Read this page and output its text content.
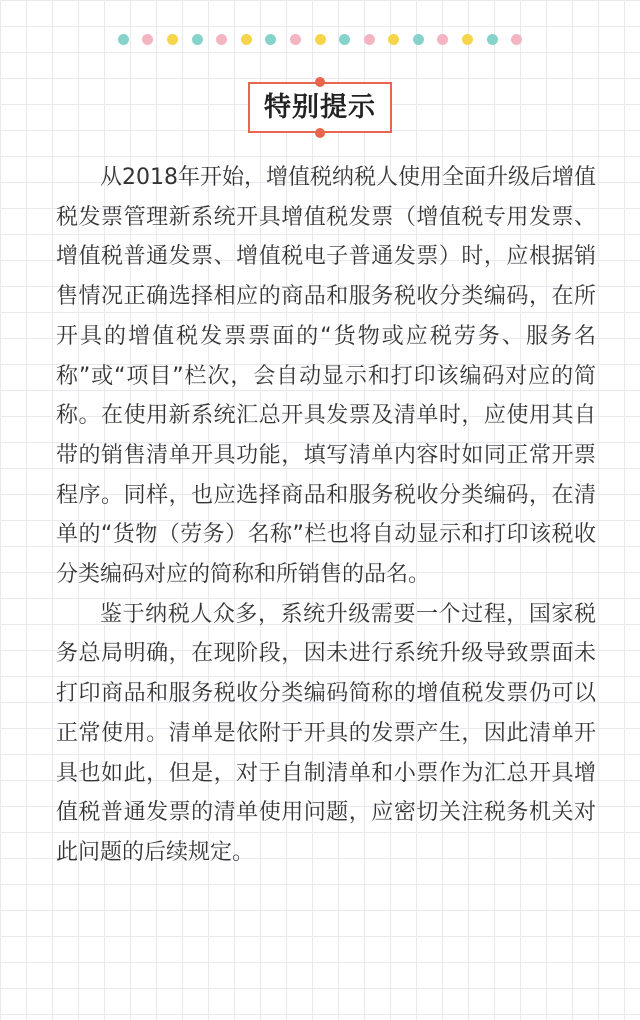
特别提示

从2018年开始，增值税纳税人使用全面升级后增值税发票管理新系统开具增值税发票（增值税专用发票、增值税普通发票、增值税电子普通发票）时，应根据销售情况正确选择相应的商品和服务税收分类编码，在所开具的增值税发票票面的“货物或应税劳务、服务名称”或“项目”栏次，会自动显示和打印该编码对应的简称。在使用新系统汇总开具发票及清单时，应使用其自带的销售清单开具功能，填写清单内容时如同正常开票程序。同样，也应选择商品和服务税收分类编码，在清单的“货物（劳务）名称”栏也将自动显示和打印该税收分类编码对应的简称和所销售的品名。

鉴于纳税人众多，系统升级需要一个过程，国家税务总局明确，在现阶段，因未进行系统升级导致票面未打印商品和服务税收分类编码简称的增值税发票仍可以正常使用。清单是依附于开具的发票产生，因此清单开具也如此，但是，对于自制清单和小票作为汇总开具增值税普通发票的清单使用问题，应密切关注税务机关对此问题的后续规定。
